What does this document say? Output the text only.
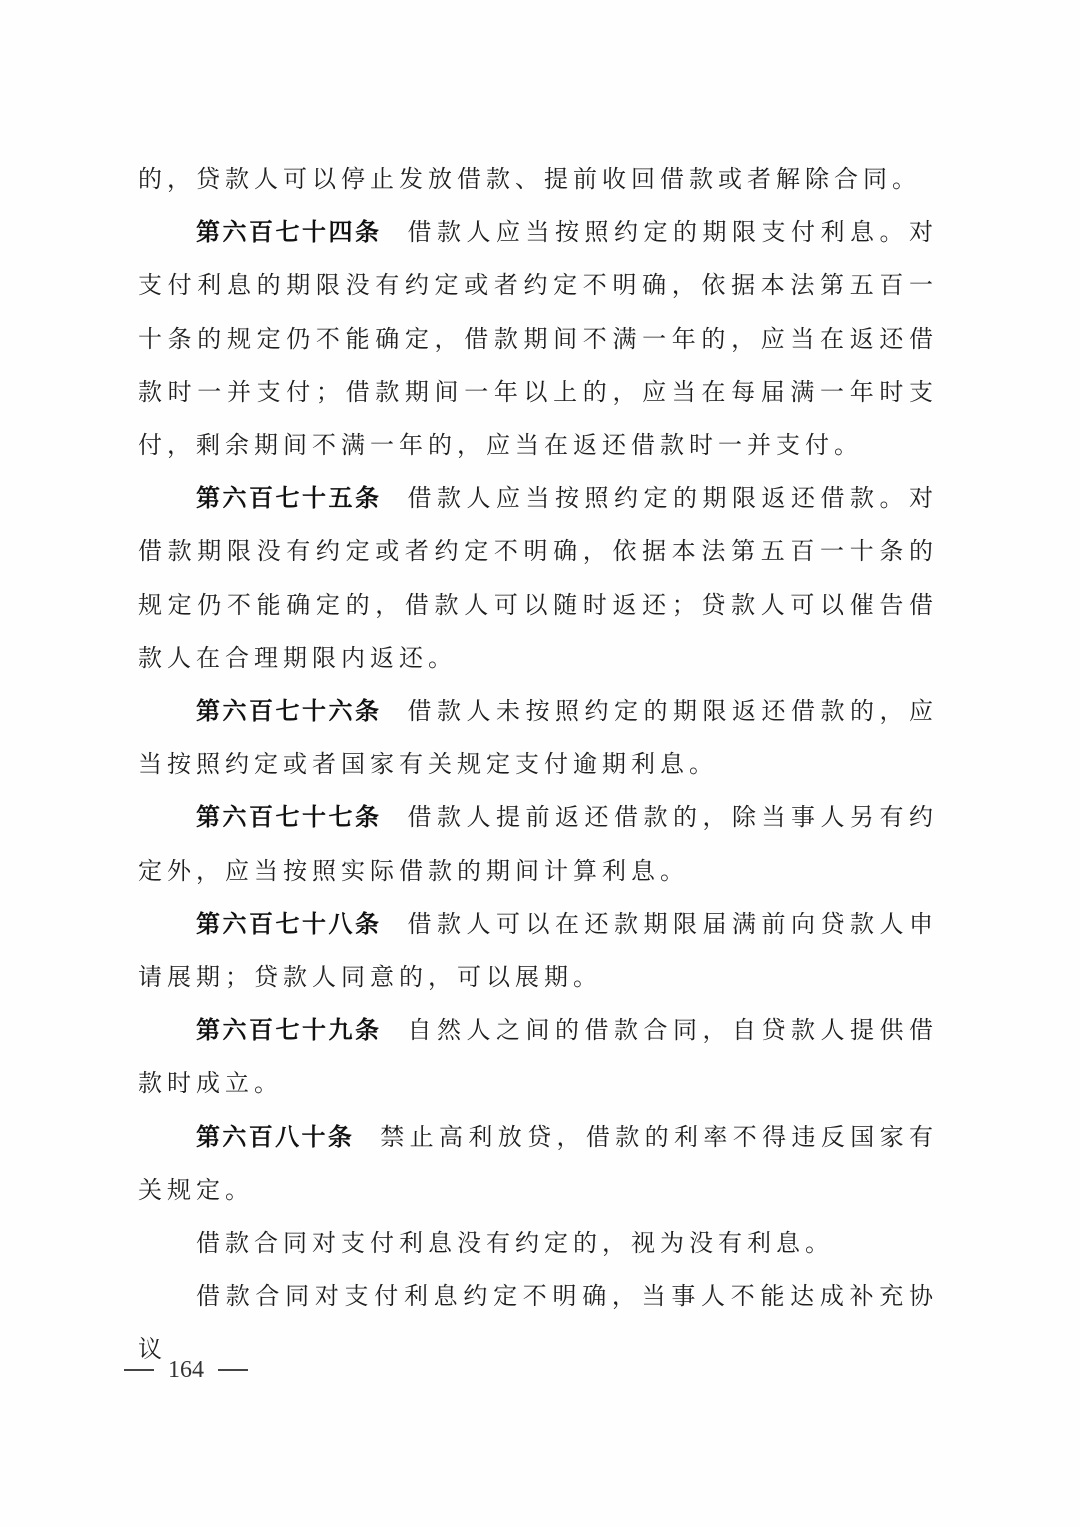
的，贷款人可以停止发放借款、提前收回借款或者解除合同。

第六百七十四条 借款人应当按照约定的期限支付利息。对支付利息的期限没有约定或者约定不明确，依据本法第五百一十条的规定仍不能确定，借款期间不满一年的，应当在返还借款时一并支付；借款期间一年以上的，应当在每届满一年时支付，剩余期间不满一年的，应当在返还借款时一并支付。

第六百七十五条 借款人应当按照约定的期限返还借款。对借款期限没有约定或者约定不明确，依据本法第五百一十条的规定仍不能确定的，借款人可以随时返还；贷款人可以催告借款人在合理期限内返还。

第六百七十六条 借款人未按照约定的期限返还借款的，应当按照约定或者国家有关规定支付逾期利息。

第六百七十七条 借款人提前返还借款的，除当事人另有约定外，应当按照实际借款的期间计算利息。

第六百七十八条 借款人可以在还款期限届满前向贷款人申请展期；贷款人同意的，可以展期。

第六百七十九条 自然人之间的借款合同，自贷款人提供借款时成立。

第六百八十条 禁止高利放贷，借款的利率不得违反国家有关规定。

借款合同对支付利息没有约定的，视为没有利息。

借款合同对支付利息约定不明确，当事人不能达成补充协议

164
